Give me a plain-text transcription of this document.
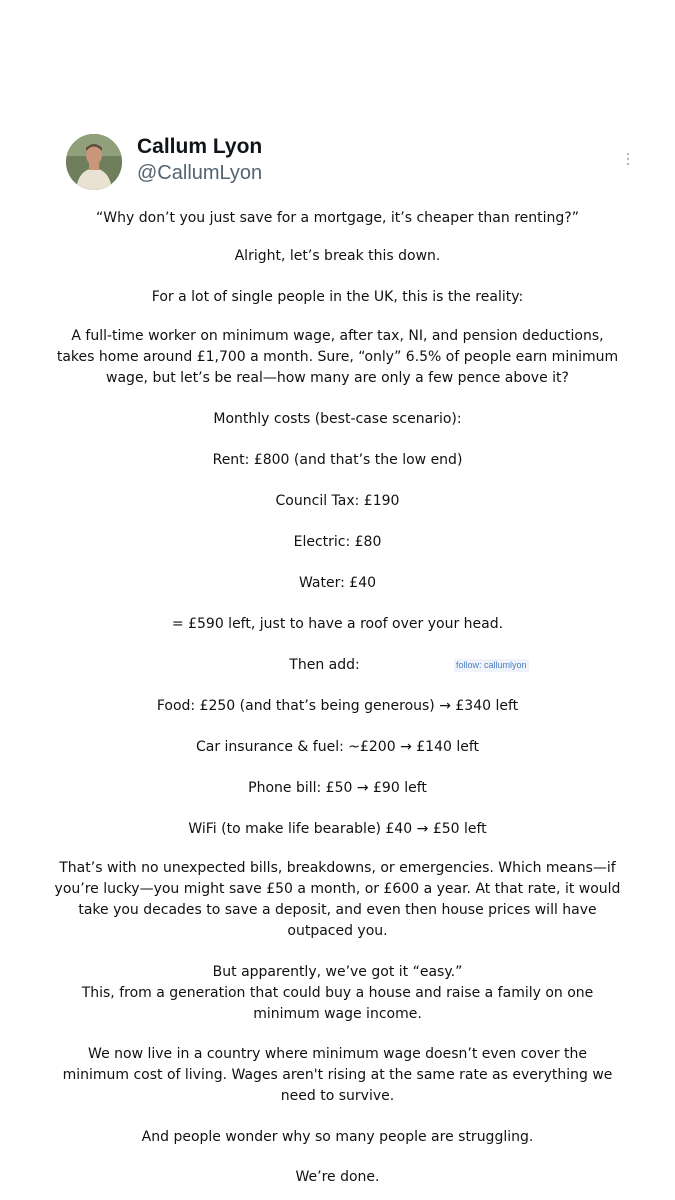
Callum Lyon
@CallumLyon

“Why don’t you just save for a mortgage, it’s cheaper than renting?”

Alright, let’s break this down.

For a lot of single people in the UK, this is the reality:

A full-time worker on minimum wage, after tax, NI, and pension deductions,

takes home around £1,700 a month. Sure, “only” 6.5% of people earn minimum

wage, but let’s be real—how many are only a few pence above it?

Monthly costs (best-case scenario):

Rent: £800 (and that’s the low end)

Council Tax: £190

Electric: £80

Water: £40

= £590 left, just to have a roof over your head.

Then add:

Food: £250 (and that’s being generous) → £340 left

Car insurance & fuel: ~£200 → £140 left

Phone bill: £50 → £90 left

WiFi (to make life bearable) £40 → £50 left

That’s with no unexpected bills, breakdowns, or emergencies. Which means—if

you’re lucky—you might save £50 a month, or £600 a year. At that rate, it would

take you decades to save a deposit, and even then house prices will have

outpaced you.

But apparently, we’ve got it “easy.”

This, from a generation that could buy a house and raise a family on one

minimum wage income.

We now live in a country where minimum wage doesn’t even cover the

minimum cost of living. Wages aren't rising at the same rate as everything we

need to survive.

And people wonder why so many people are struggling.

We’re done.

follow: callumlyon
